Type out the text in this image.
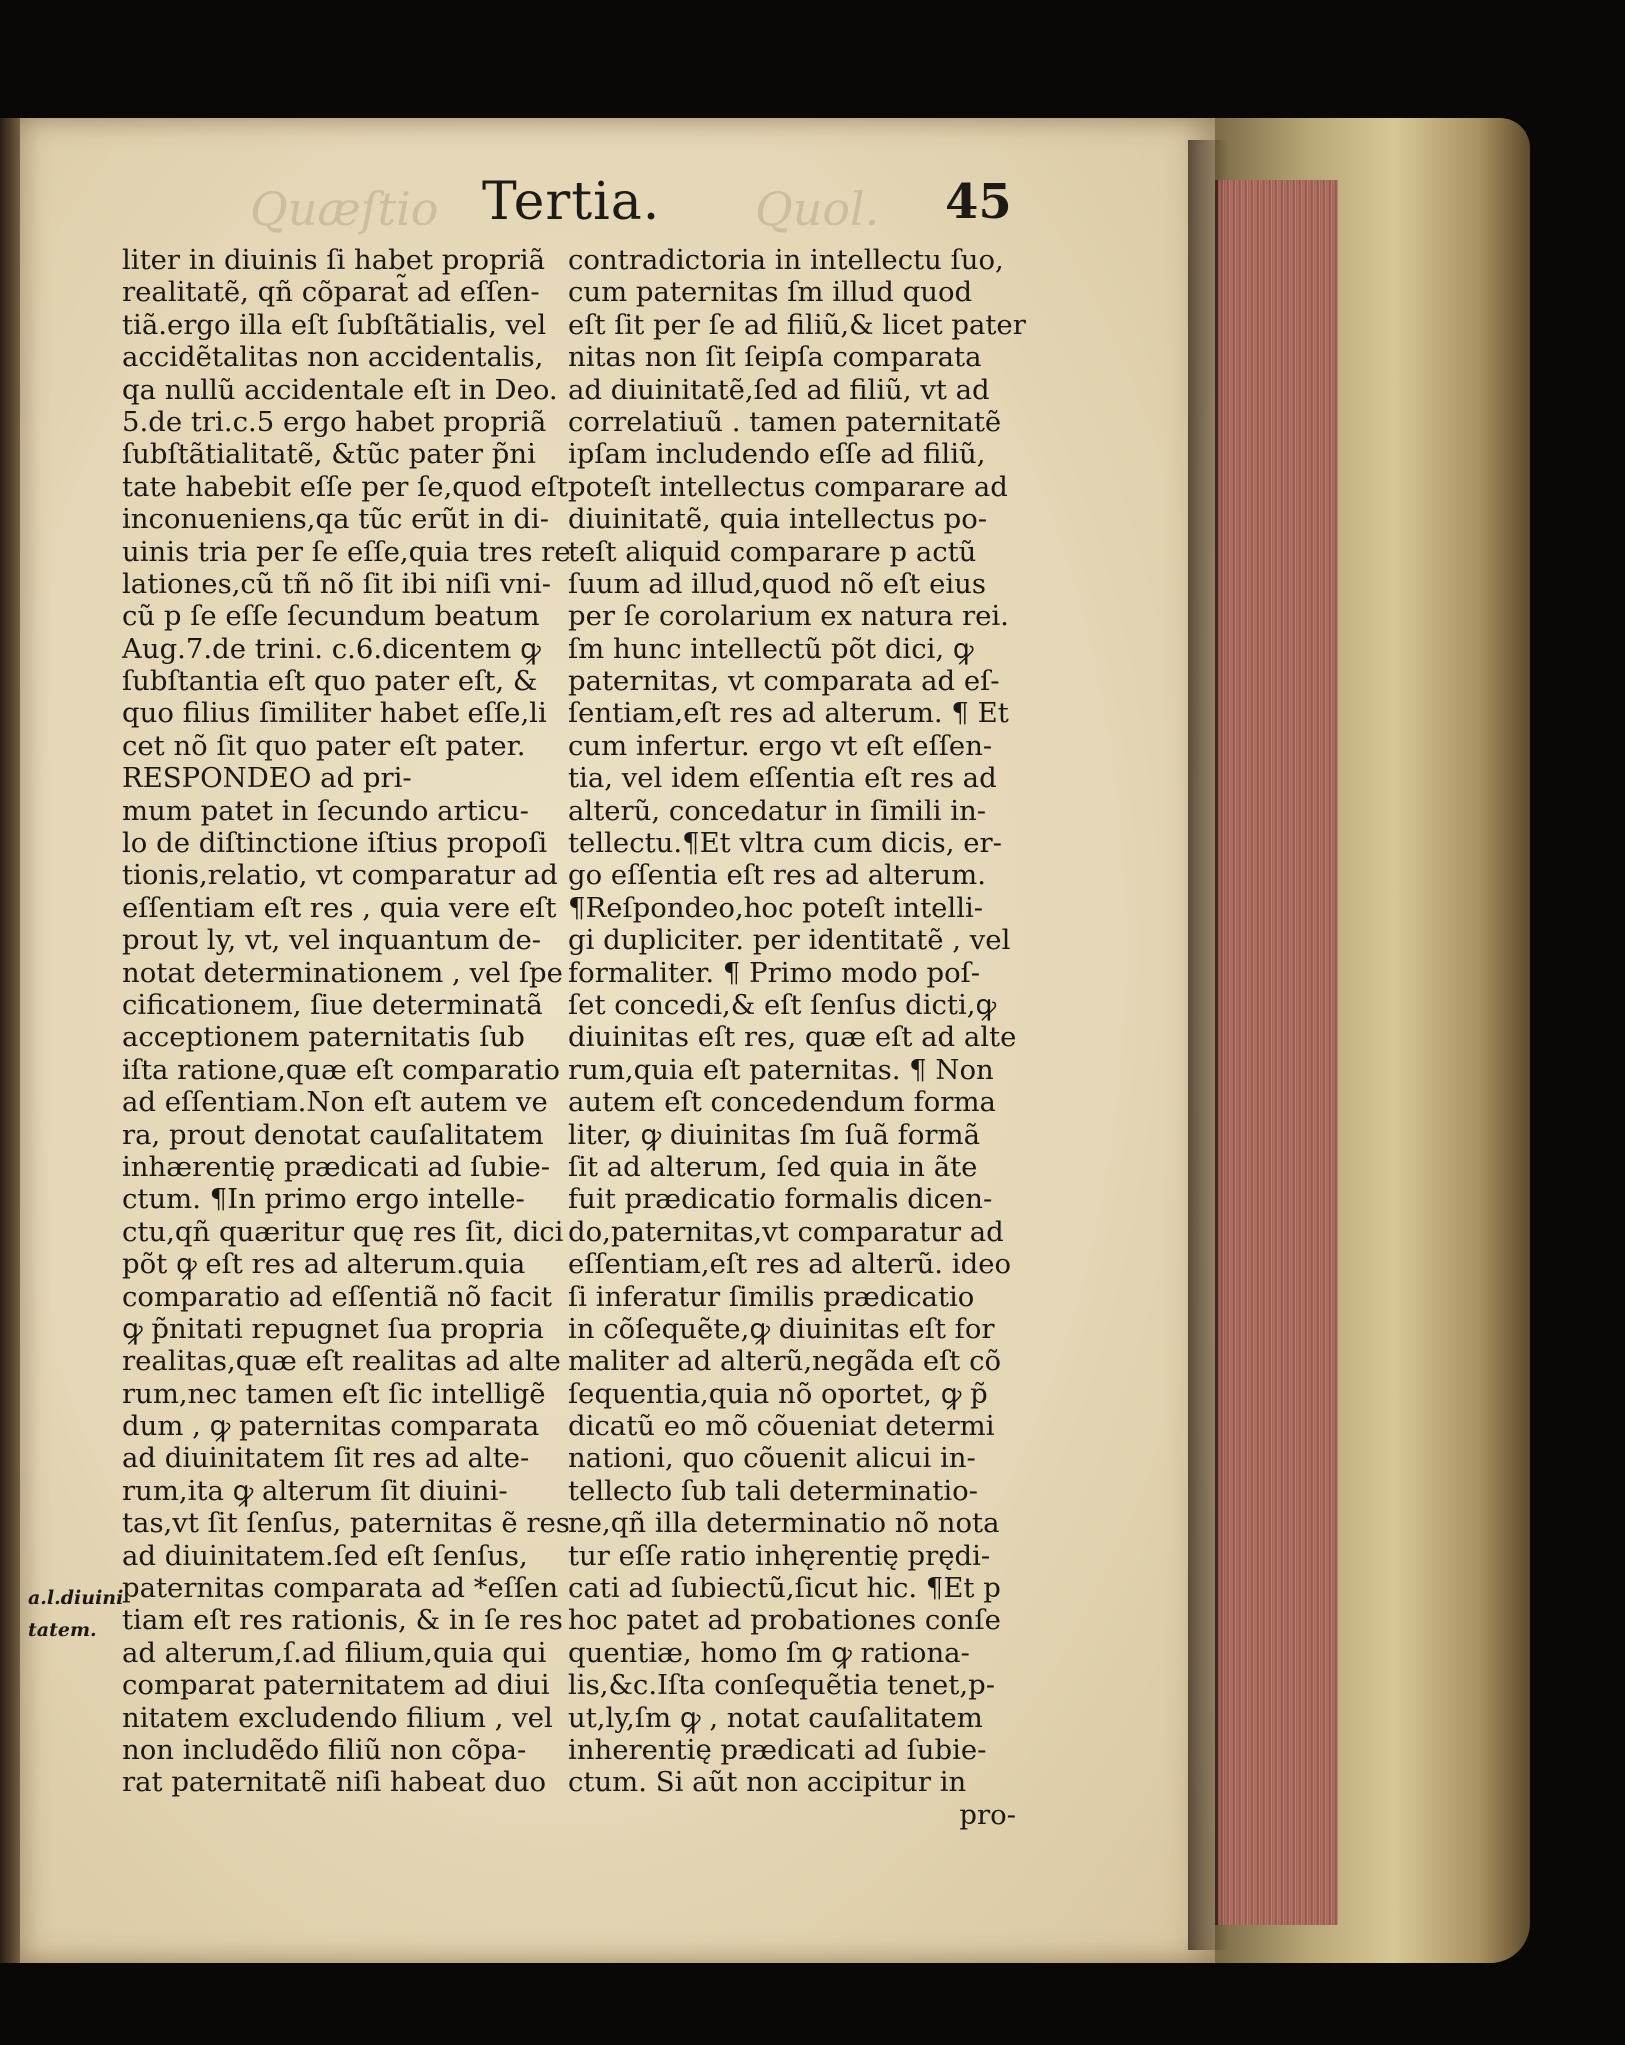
Quæſtio	Quol.
Tertia.	45
a.l.diuini
tatem.
liter in diuinis ſi habet propriã
realitatẽ, qñ cõparat̃ ad eſſen-
tiã.ergo illa eſt ſubſtãtialis, vel
accidẽtalitas non accidentalis,
qa nullũ accidentale eſt in Deo.
5.de tri.c.5 ergo habet propriã
ſubſtãtialitatẽ, &tũc pater p̃ni
tate habebit eſſe per ſe,quod eſt
inconueniens,qa tũc erũt in di-
uinis tria per ſe eſſe,quia tres re
lationes,cũ tñ nõ ſit ibi niſi vni-
cũ p ſe eſſe ſecundum beatum
Aug.7.de trini. c.6.dicentem ꝙ
ſubſtantia eſt quo pater eſt, &
quo filius ſimiliter habet eſſe,li
cet nõ ſit quo pater eſt pater.
RESPONDEO ad pri-
mum patet in ſecundo articu-
lo de diſtinctione iſtius propoſi
tionis,relatio, vt comparatur ad
eſſentiam eſt res , quia vere eſt
prout ly, vt, vel inquantum de-
notat determinationem , vel ſpe
cificationem, ſiue determinatã
acceptionem paternitatis ſub
iſta ratione,quæ eſt comparatio
ad eſſentiam.Non eſt autem ve
ra, prout denotat cauſalitatem
inhærentię prædicati ad ſubie-
ctum. ¶In primo ergo intelle-
ctu,qñ quæritur quę res ſit, dici
põt ꝙ eſt res ad alterum.quia
comparatio ad eſſentiã nõ facit
ꝙ p̃nitati repugnet ſua propria
realitas,quæ eſt realitas ad alte
rum,nec tamen eſt ſic intelligẽ
dum , ꝙ paternitas comparata
ad diuinitatem ſit res ad alte-
rum,ita ꝙ alterum ſit diuini-
tas,vt ſit ſenſus, paternitas ẽ res
ad diuinitatem.ſed eſt ſenſus,
paternitas comparata ad *eſſen
tiam eſt res rationis, & in ſe res
ad alterum,ſ.ad filium,quia qui
comparat paternitatem ad diui
nitatem excludendo filium , vel
non includẽdo filiũ non cõpa-
rat paternitatẽ niſi habeat duo
contradictoria in intellectu ſuo,
cum paternitas ſm illud quod
eſt ſit per ſe ad filiũ,& licet pater
nitas non ſit ſeipſa comparata
ad diuinitatẽ,ſed ad filiũ, vt ad
correlatiuũ . tamen paternitatẽ
ipſam includendo eſſe ad filiũ,
poteſt intellectus comparare ad
diuinitatẽ, quia intellectus po-
teſt aliquid comparare p actũ
ſuum ad illud,quod nõ eſt eius
per ſe corolarium ex natura rei.
ſm hunc intellectũ põt dici, ꝙ
paternitas, vt comparata ad eſ-
ſentiam,eſt res ad alterum. ¶ Et
cum infertur. ergo vt eſt eſſen-
tia, vel idem eſſentia eſt res ad
alterũ, concedatur in ſimili in-
tellectu.¶Et vltra cum dicis, er-
go eſſentia eſt res ad alterum.
¶Reſpondeo,hoc poteſt intelli-
gi dupliciter. per identitatẽ , vel
formaliter. ¶ Primo modo poſ-
ſet concedi,& eſt ſenſus dicti,ꝙ
diuinitas eſt res, quæ eſt ad alte
rum,quia eſt paternitas. ¶ Non
autem eſt concedendum forma
liter, ꝙ diuinitas ſm ſuã formã
ſit ad alterum, ſed quia in ãte
fuit prædicatio formalis dicen-
do,paternitas,vt comparatur ad
eſſentiam,eſt res ad alterũ. ideo
ſi inferatur ſimilis prædicatio
in cõſequẽte,ꝙ diuinitas eſt for
maliter ad alterũ,negãda eſt cõ
ſequentia,quia nõ oportet, ꝙ p̃
dicatũ eo mõ cõueniat determi
nationi, quo cõuenit alicui in-
tellecto ſub tali determinatio-
ne,qñ illa determinatio nõ nota
tur eſſe ratio inhęrentię prędi-
cati ad ſubiectũ,ſicut hic. ¶Et p
hoc patet ad probationes conſe
quentiæ, homo ſm ꝙ rationa-
lis,&c.Iſta conſequẽtia tenet,p-
ut,ly,ſm ꝙ , notat cauſalitatem
inherentię prædicati ad ſubie-
ctum. Si aũt non accipitur in
pro-
